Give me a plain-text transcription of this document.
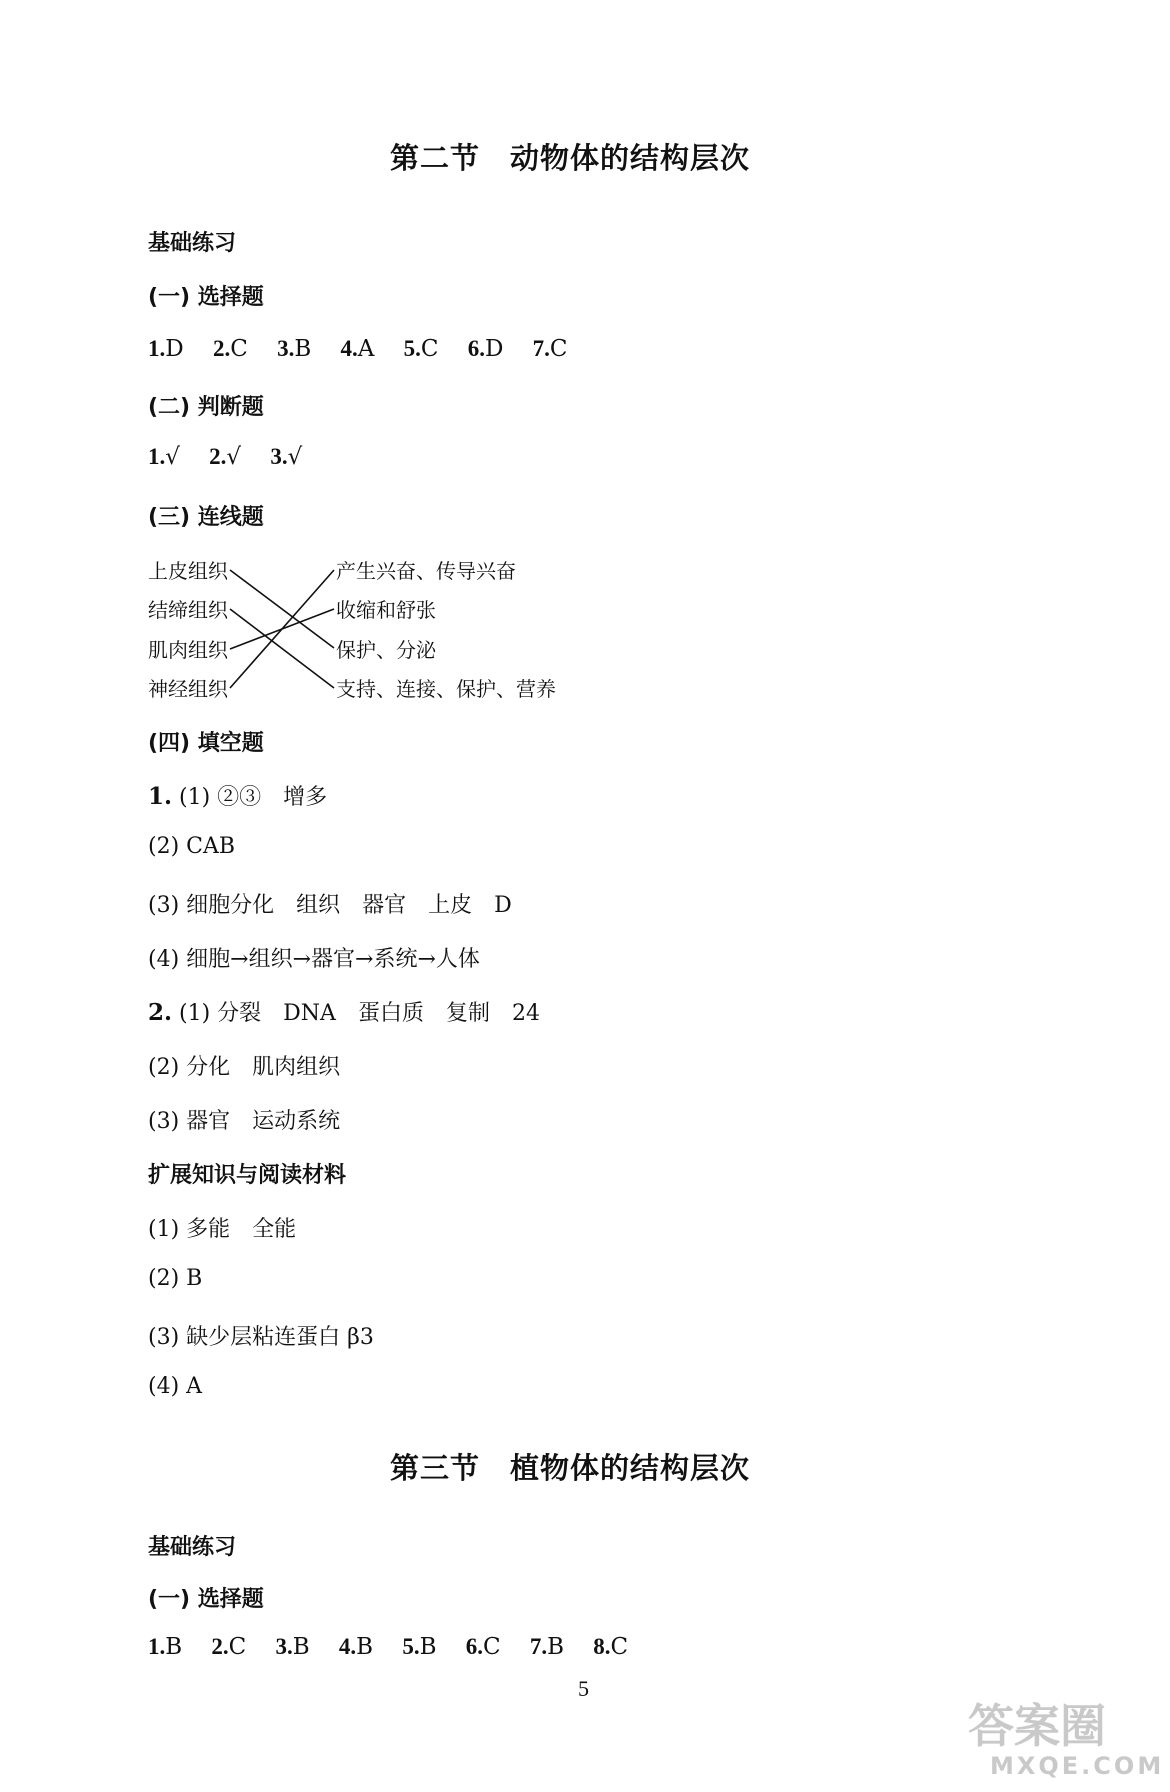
第二节　动物体的结构层次
基础练习
(一) 选择题
1.D 2.C 3.B 4.A 5.C 6.D 7.C
(二) 判断题
1.√ 2.√ 3.√
(三) 连线题
上皮组织
结缔组织
肌肉组织
神经组织
产生兴奋、传导兴奋
收缩和舒张
保护、分泌
支持、连接、保护、营养
(四) 填空题
1. (1) ②③　增多
(2) CAB
(3) 细胞分化　组织　器官　上皮　D
(4) 细胞→组织→器官→系统→人体
2. (1) 分裂　DNA　蛋白质　复制　24
(2) 分化　肌肉组织
(3) 器官　运动系统
扩展知识与阅读材料
(1) 多能　全能
(2) B
(3) 缺少层粘连蛋白 β3
(4) A
第三节　植物体的结构层次
基础练习
(一) 选择题
1.B 2.C 3.B 4.B 5.B 6.C 7.B 8.C
5
答案圈
MXQE.COM
